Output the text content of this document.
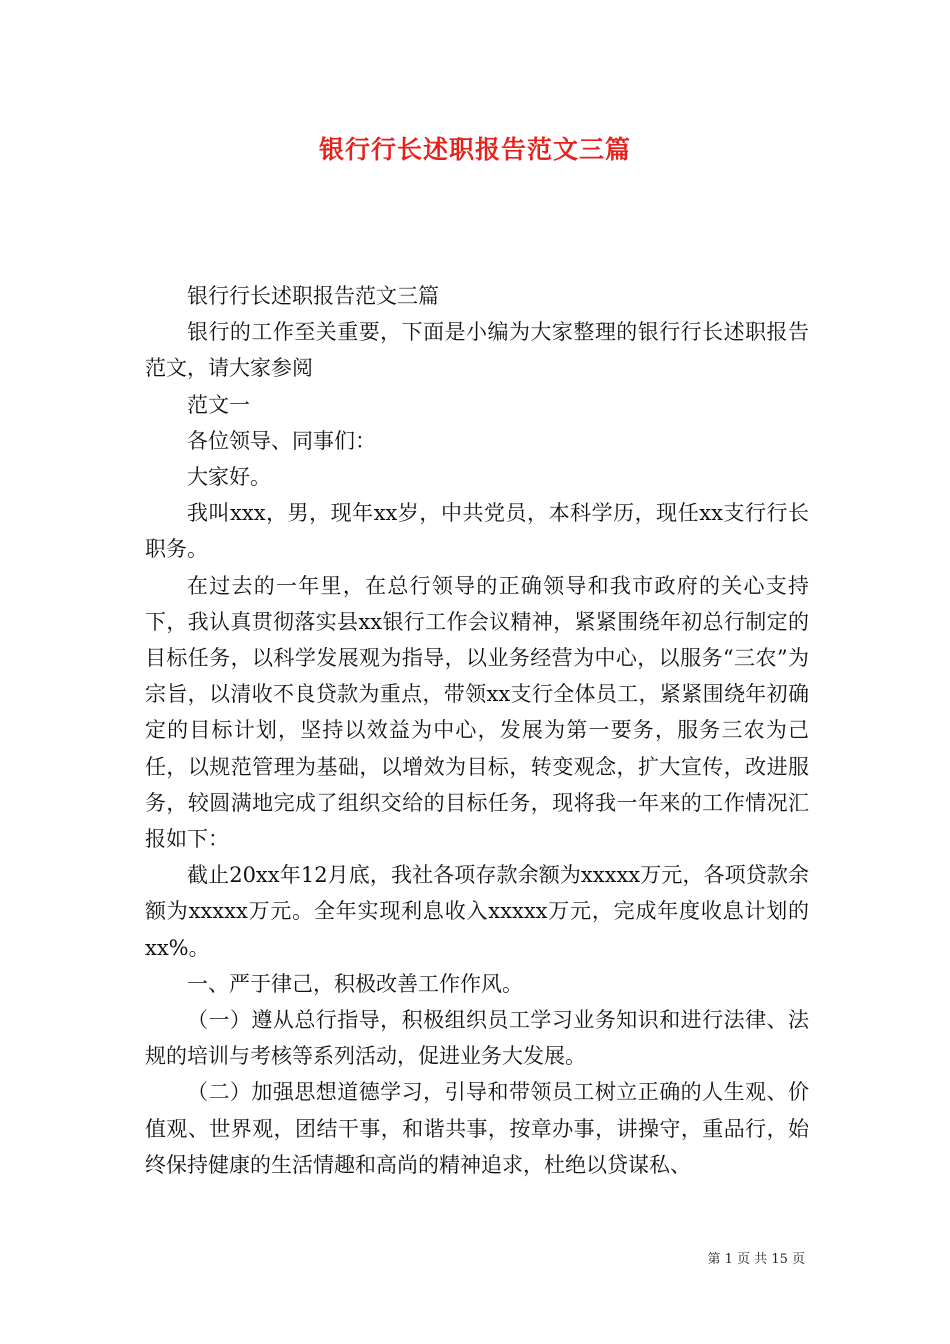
银行行长述职报告范文三篇

银行行长述职报告范文三篇

银行的工作至关重要，下面是小编为大家整理的银行行长述职报告范文，请大家参阅

范文一

各位领导、同事们：

大家好。

我叫xxx，男，现年xx岁，中共党员，本科学历，现任xx支行行长职务。

在过去的一年里，在总行领导的正确领导和我市政府的关心支持下，我认真贯彻落实县xx银行工作会议精神，紧紧围绕年初总行制定的目标任务，以科学发展观为指导，以业务经营为中心，以服务“三农”为宗旨，以清收不良贷款为重点，带领xx支行全体员工，紧紧围绕年初确定的目标计划，坚持以效益为中心，发展为第一要务，服务三农为己任，以规范管理为基础，以增效为目标，转变观念，扩大宣传，改进服务，较圆满地完成了组织交给的目标任务，现将我一年来的工作情况汇报如下：

截止20xx年12月底，我社各项存款余额为xxxxx万元，各项贷款余额为xxxxx万元。全年实现利息收入xxxxx万元，完成年度收息计划的xx%。

一、严于律己，积极改善工作作风。

（一）遵从总行指导，积极组织员工学习业务知识和进行法律、法规的培训与考核等系列活动，促进业务大发展。

（二）加强思想道德学习，引导和带领员工树立正确的人生观、价值观、世界观，团结干事，和谐共事，按章办事，讲操守，重品行，始终保持健康的生活情趣和高尚的精神追求，杜绝以贷谋私、

第 1 页 共 15 页
